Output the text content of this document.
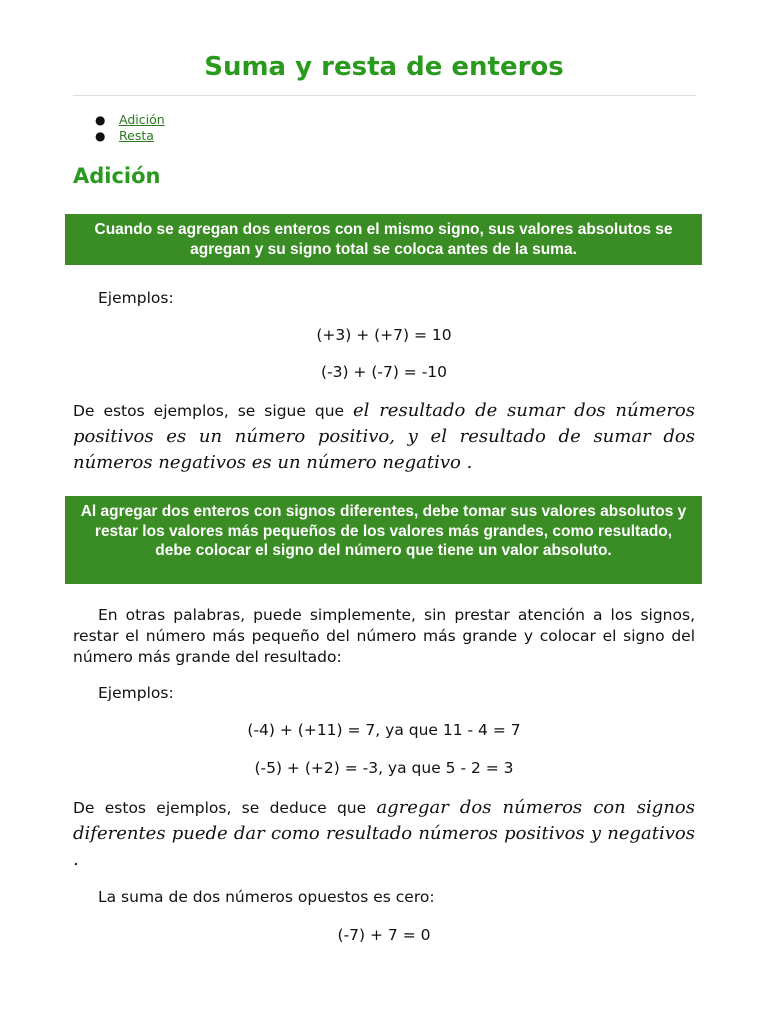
Suma y resta de enteros
● Adición
● Resta
Adición
Cuando se agregan dos enteros con el mismo signo, sus valores absolutos se agregan y su signo total se coloca antes de la suma.
Ejemplos:
(+3) + (+7) = 10
(-3) + (-7) = -10

De estos ejemplos, se sigue que el resultado de sumar dos números positivos es un número positivo, y el resultado de sumar dos números negativos es un número negativo .

Al agregar dos enteros con signos diferentes, debe tomar sus valores absolutos y restar los valores más pequeños de los valores más grandes, como resultado, debe colocar el signo del número que tiene un valor absoluto.

En otras palabras, puede simplemente, sin prestar atención a los signos, restar el número más pequeño del número más grande y colocar el signo del número más grande del resultado:

Ejemplos:
(-4) + (+11) = 7, ya que 11 - 4 = 7
(-5) + (+2) = -3, ya que 5 - 2 = 3

De estos ejemplos, se deduce que agregar dos números con signos diferentes puede dar como resultado números positivos y negativos .

La suma de dos números opuestos es cero:
(-7) + 7 = 0
